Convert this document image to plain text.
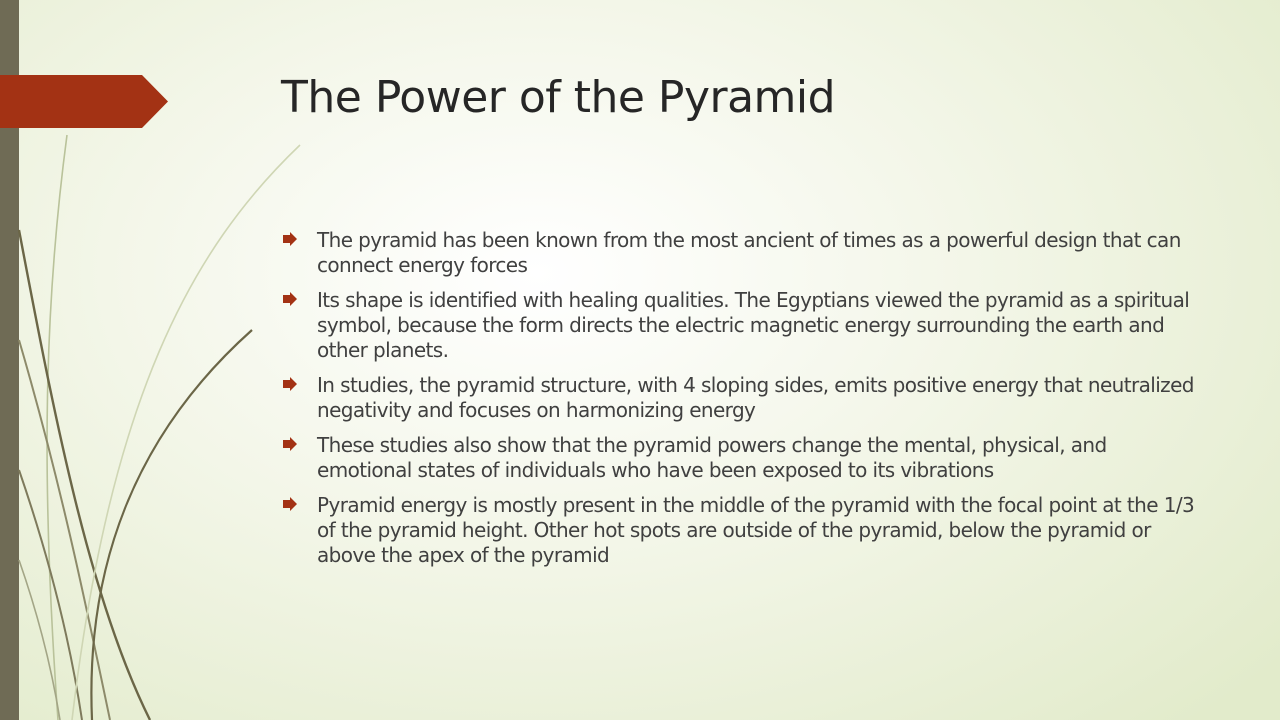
The Power of the Pyramid
The pyramid has been known from the most ancient of times as a powerful design that can connect energy forces
Its shape is identified with healing qualities. The Egyptians viewed the pyramid as a spiritual symbol, because the form directs the electric magnetic energy surrounding the earth and other planets.
In studies, the pyramid structure, with 4 sloping sides, emits positive energy that neutralized negativity and focuses on harmonizing energy
These studies also show that the pyramid powers change the mental, physical, and emotional states of individuals who have been exposed to its vibrations
Pyramid energy is mostly present in the middle of the pyramid with the focal point at the 1/3 of the pyramid height. Other hot spots are outside of the pyramid, below the pyramid or above the apex of the pyramid
